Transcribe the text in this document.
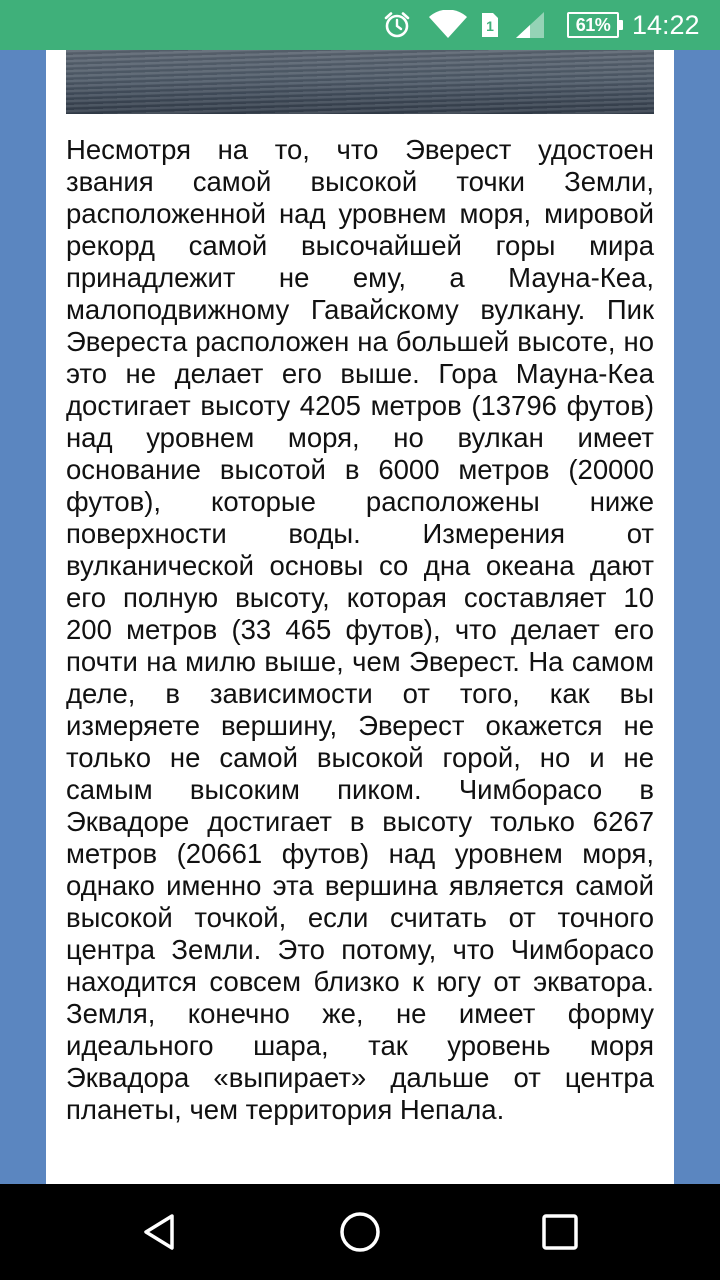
1	61% 14:22

Несмотря на то, что Эверест удостоен звания самой высокой точки Земли, расположенной над уровнем моря, мировой рекорд самой высочайшей горы мира принадлежит не ему, а Мауна-Кеа, малоподвижному Гавайскому вулкану. Пик Эвереста расположен на большей высоте, но это не делает его выше. Гора Мауна-Кеа достигает высоту 4205 метров (13796 футов) над уровнем моря, но вулкан имеет основание высотой в 6000 метров (20000 футов), которые расположены ниже поверхности воды. Измерения от вулканической основы со дна океана дают его полную высоту, которая составляет 10 200 метров (33 465 футов), что делает его почти на милю выше, чем Эверест. На самом деле, в зависимости от того, как вы измеряете вершину, Эверест окажется не только не самой высокой горой, но и не самым высоким пиком. Чимборасо в Эквадоре достигает в высоту только 6267 метров (20661 футов) над уровнем моря, однако именно эта вершина является самой высокой точкой, если считать от точного центра Земли. Это потому, что Чимборасо находится совсем близко к югу от экватора. Земля, конечно же, не имеет форму идеального шара, так уровень моря Эквадора «выпирает» дальше от центра планеты, чем территория Непала.
